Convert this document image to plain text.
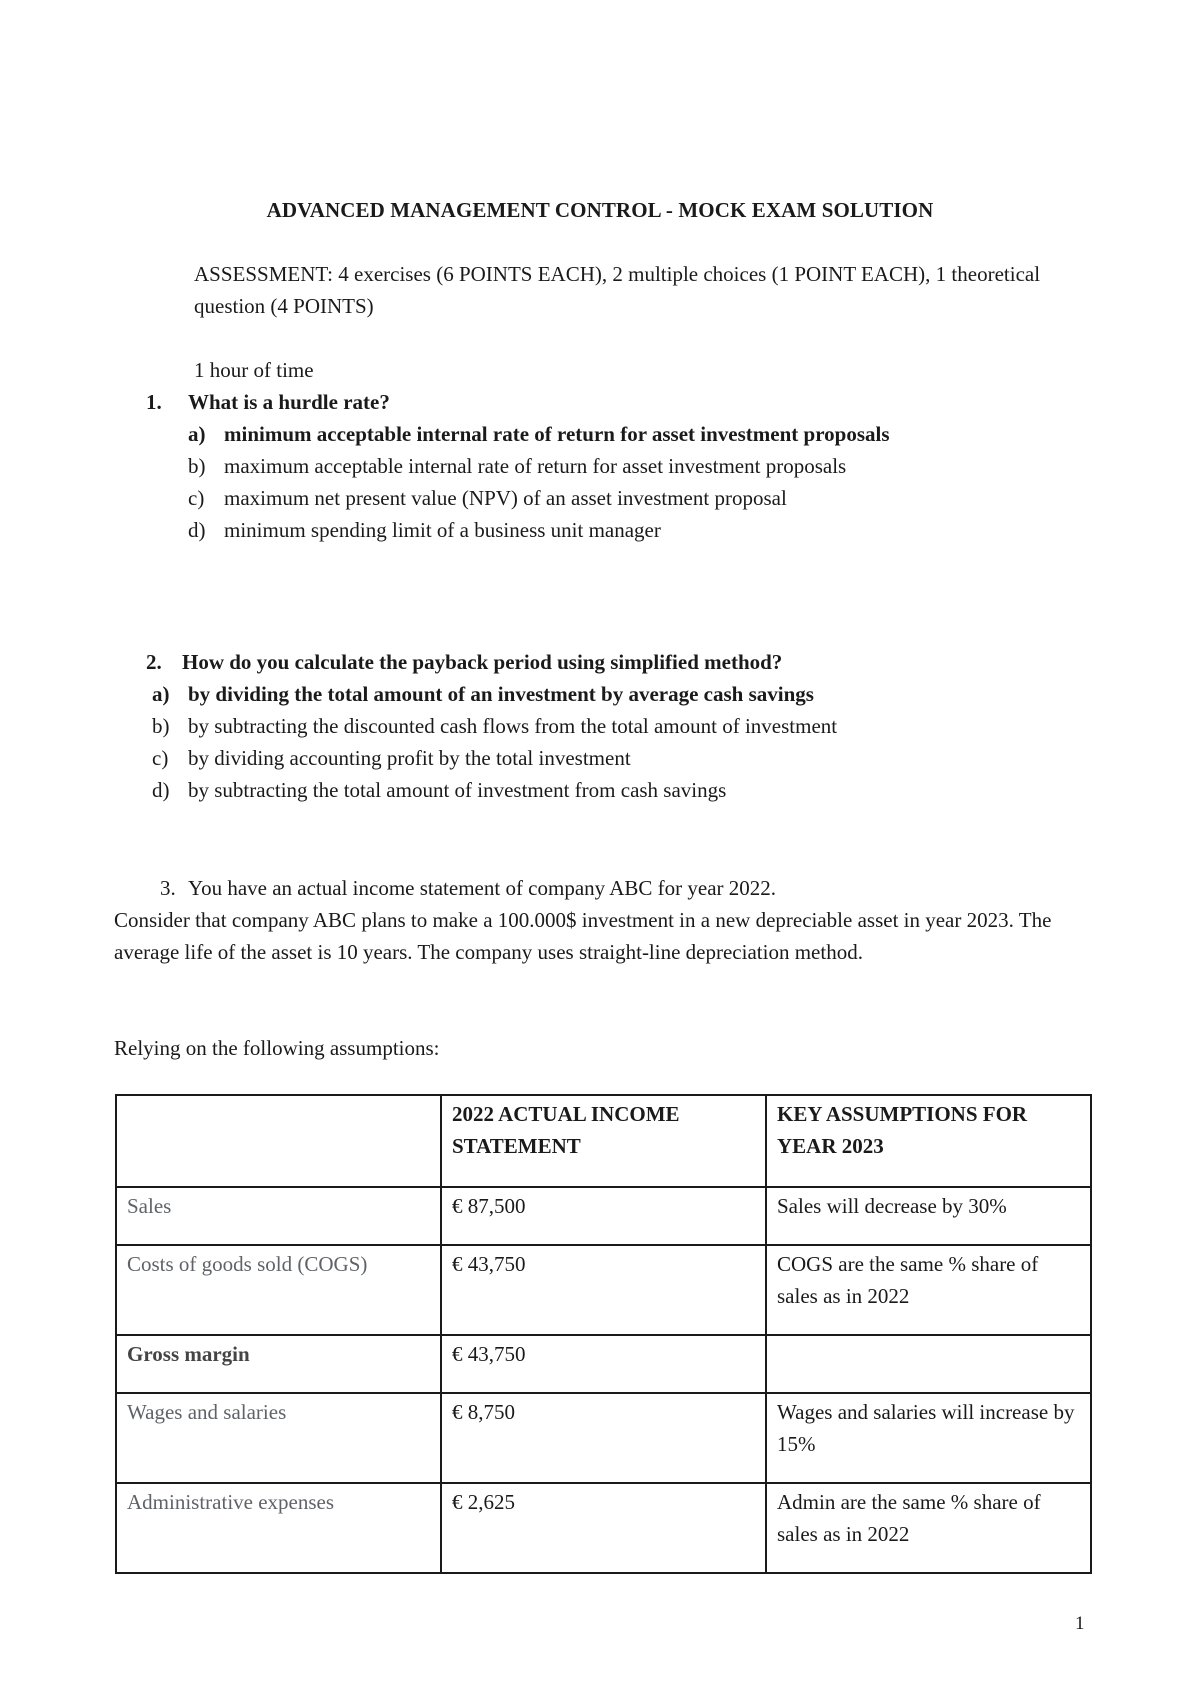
ADVANCED MANAGEMENT CONTROL - MOCK EXAM SOLUTION
ASSESSMENT: 4 exercises (6 POINTS EACH), 2 multiple choices (1 POINT EACH), 1 theoretical question (4 POINTS)
1 hour of time
1. What is a hurdle rate?
a) minimum acceptable internal rate of return for asset investment proposals
b) maximum acceptable internal rate of return for asset investment proposals
c) maximum net present value (NPV) of an asset investment proposal
d) minimum spending limit of a business unit manager
2. How do you calculate the payback period using simplified method?
a) by dividing the total amount of an investment by average cash savings
b) by subtracting the discounted cash flows from the total amount of investment
c) by dividing accounting profit by the total investment
d) by subtracting the total amount of investment from cash savings
3. You have an actual income statement of company ABC for year 2022.
Consider that company ABC plans to make a 100.000$ investment in a new depreciable asset in year 2023. The average life of the asset is 10 years. The company uses straight-line depreciation method.
Relying on the following assumptions:
	2022 ACTUAL INCOME STATEMENT	KEY ASSUMPTIONS FOR YEAR 2023
Sales	€ 87,500	Sales will decrease by 30%
Costs of goods sold (COGS)	€ 43,750	COGS are the same % share of sales as in 2022
Gross margin	€ 43,750	
Wages and salaries	€ 8,750	Wages and salaries will increase by 15%
Administrative expenses	€ 2,625	Admin are the same % share of sales as in 2022
1
